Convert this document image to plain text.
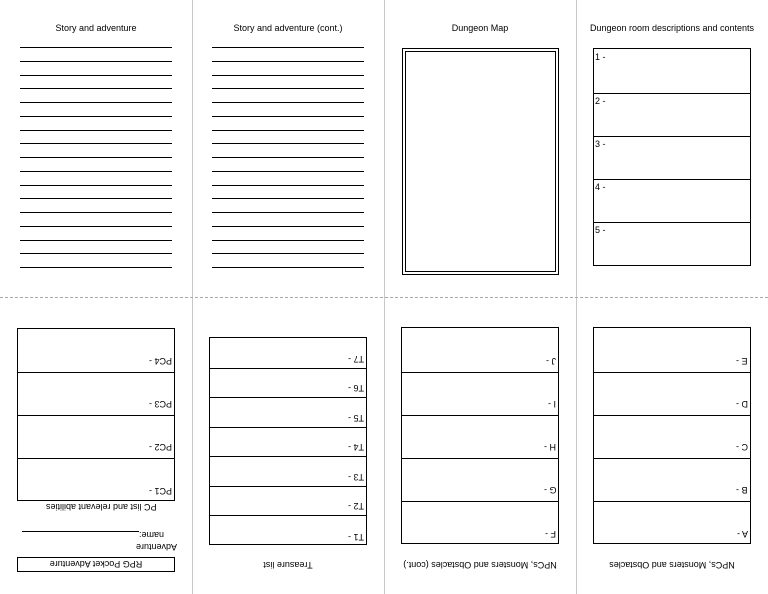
Story and adventure	Story and adventure (cont.)	Dungeon Map	Dungeon room descriptions and contents
1 -
2 -
3 -
4 -
5 -
PC4 -
PC3 -
PC2 -
PC1 -
PC list and relevant abilities
name:
Adventure
RPG Pocket Adventure
T7 -
T6 -
T5 -
T4 -
T3 -
T2 -
T1 -
Treasure list
J -
I -
H -
G -
F -
NPCs, Monsters and Obstacles (cont.)
E -
D -
C -
B -
A -
NPCs, Monsters and Obstacles
